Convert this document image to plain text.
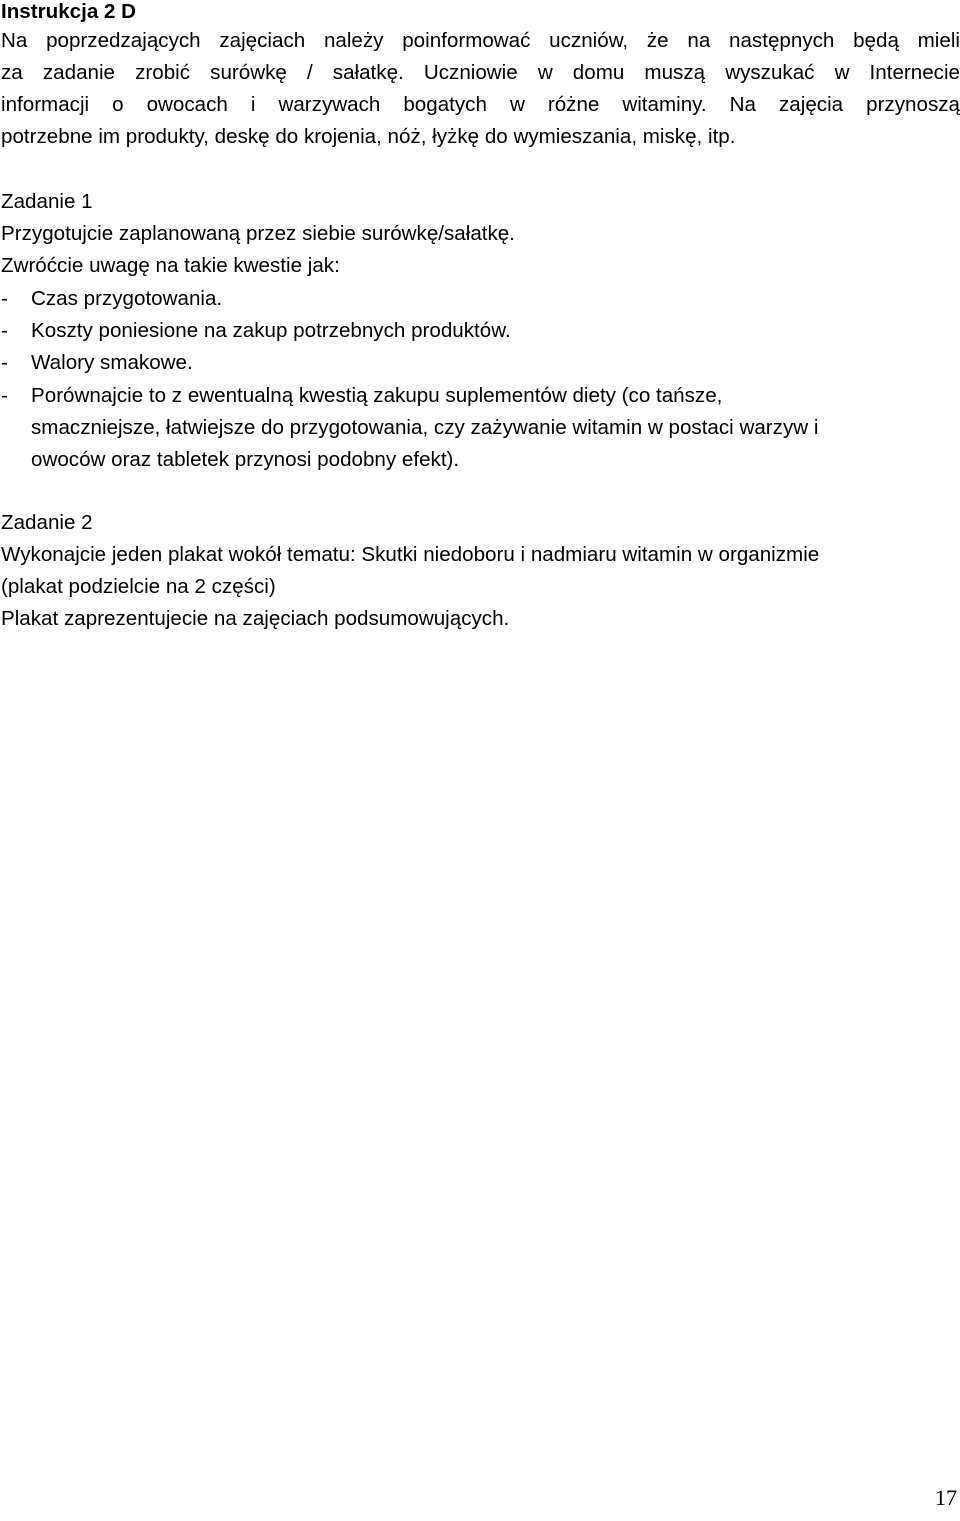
Instrukcja 2 D
Na poprzedzających zajęciach należy poinformować uczniów, że na następnych będą mieli
za zadanie zrobić surówkę / sałatkę. Uczniowie w domu muszą wyszukać w Internecie
informacji o owocach i warzywach bogatych w różne witaminy. Na zajęcia przynoszą
potrzebne im produkty, deskę do krojenia, nóż, łyżkę do wymieszania, miskę, itp.
Zadanie 1
Przygotujcie zaplanowaną przez siebie surówkę/sałatkę.
Zwróćcie uwagę na takie kwestie jak:
- Czas przygotowania.
- Koszty poniesione na zakup potrzebnych produktów.
- Walory smakowe.
- Porównajcie to z ewentualną kwestią zakupu suplementów diety (co tańsze,
smaczniejsze, łatwiejsze do przygotowania, czy zażywanie witamin w postaci warzyw i
owoców oraz tabletek przynosi podobny efekt).
Zadanie 2
Wykonajcie jeden plakat wokół tematu: Skutki niedoboru i nadmiaru witamin w organizmie
(plakat podzielcie na 2 części)
Plakat zaprezentujecie na zajęciach podsumowujących.
17
